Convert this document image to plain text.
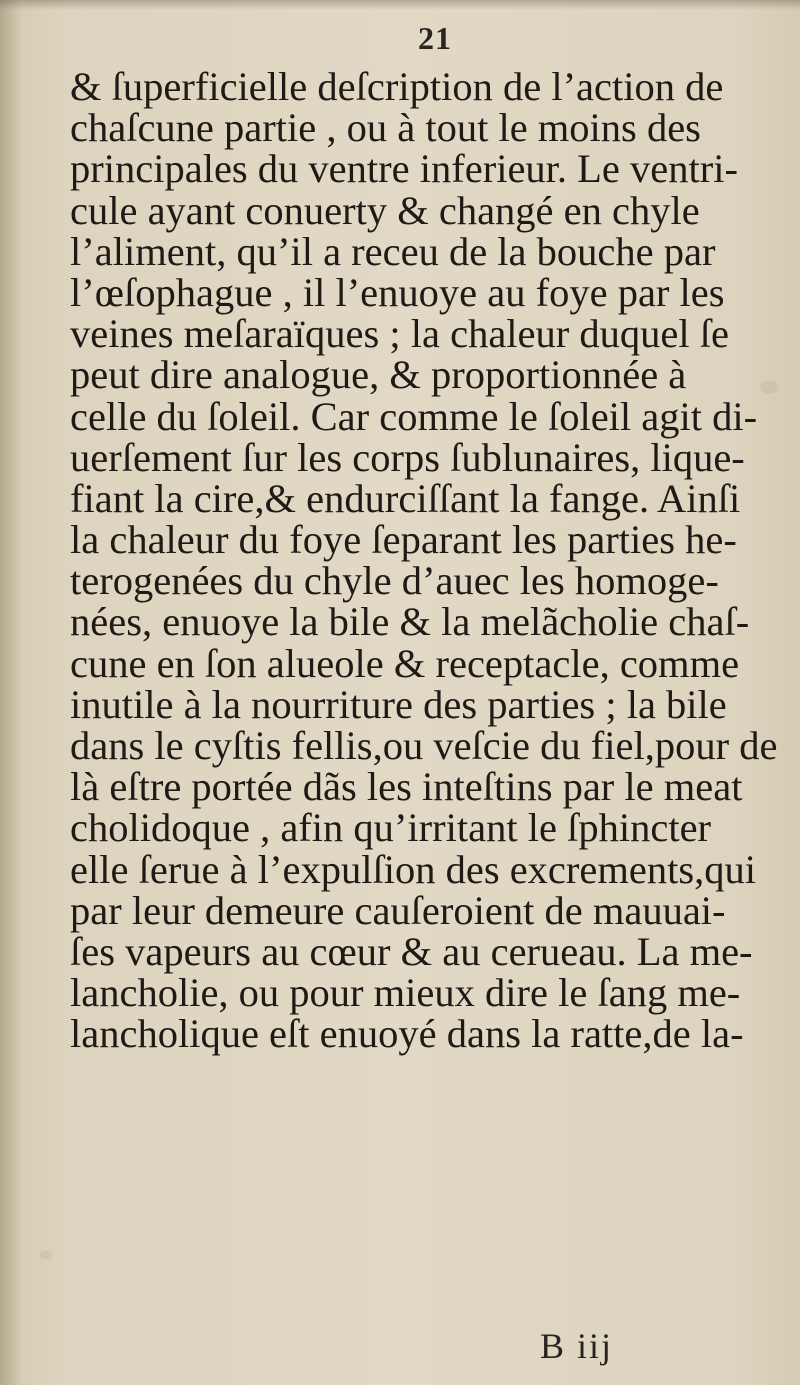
21
& ſuperficielle deſcription de l’action de
chaſcune partie , ou à tout le moins des
principales du ventre inferieur. Le ventri-
cule ayant conuerty & changé en chyle
l’aliment, qu’il a receu de la bouche par
l’œſophague , il l’enuoye au foye par les
veines meſaraïques ; la chaleur duquel ſe
peut dire analogue, & proportionnée à
celle du ſoleil. Car comme le ſoleil agit di-
uerſement ſur les corps ſublunaires, lique-
fiant la cire,& endurciſſant la fange. Ainſi
la chaleur du foye ſeparant les parties he-
terogenées du chyle d’auec les homoge-
nées, enuoye la bile & la melãcholie chaſ-
cune en ſon alueole & receptacle, comme
inutile à la nourriture des parties ; la bile
dans le cyſtis fellis,ou veſcie du fiel,pour de
là eſtre portée dãs les inteſtins par le meat
cholidoque , afin qu’irritant le ſphincter
elle ſerue à l’expulſion des excrements,qui
par leur demeure cauſeroient de mauuai-
ſes vapeurs au cœur & au cerueau. La me-
lancholie, ou pour mieux dire le ſang me-
lancholique eſt enuoyé dans la ratte,de la-
B iij
